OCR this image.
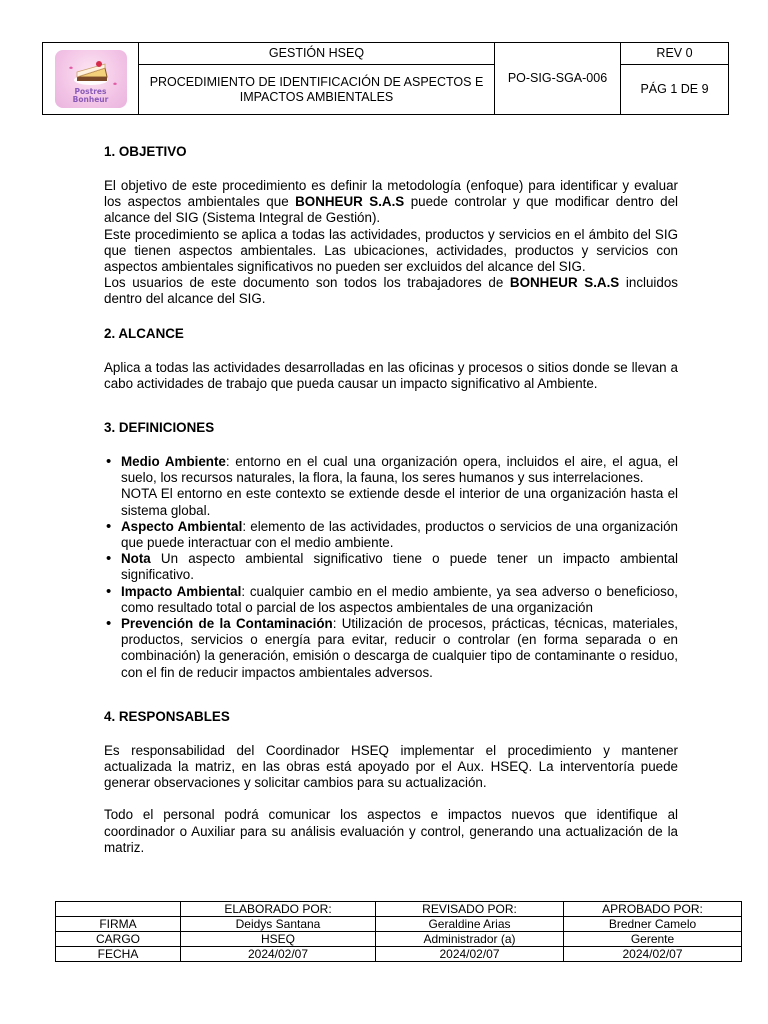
Postres
Bonheur	GESTIÓN HSEQ	PO-SIG-SGA-006	REV 0
	PROCEDIMIENTO DE IDENTIFICACIÓN DE ASPECTOS E IMPACTOS AMBIENTALES		PÁG 1 DE 9
1. OBJETIVO

El objetivo de este procedimiento es definir la metodología (enfoque) para identificar y evaluar los aspectos ambientales que BONHEUR S.A.S puede controlar y que modificar dentro del alcance del SIG (Sistema Integral de Gestión).

Este procedimiento se aplica a todas las actividades, productos y servicios en el ámbito del SIG que tienen aspectos ambientales. Las ubicaciones, actividades, productos y servicios con aspectos ambientales significativos no pueden ser excluidos del alcance del SIG.

Los usuarios de este documento son todos los trabajadores de BONHEUR S.A.S incluidos dentro del alcance del SIG.

2. ALCANCE

Aplica a todas las actividades desarrolladas en las oficinas y procesos o sitios donde se llevan a cabo actividades de trabajo que pueda causar un impacto significativo al Ambiente.

3. DEFINICIONES
• Medio Ambiente: entorno en el cual una organización opera, incluidos el aire, el agua, el suelo, los recursos naturales, la flora, la fauna, los seres humanos y sus interrelaciones.
NOTA El entorno en este contexto se extiende desde el interior de una organización hasta el sistema global.
• Aspecto Ambiental: elemento de las actividades, productos o servicios de una organización que puede interactuar con el medio ambiente.
• Nota Un aspecto ambiental significativo tiene o puede tener un impacto ambiental significativo.
• Impacto Ambiental: cualquier cambio en el medio ambiente, ya sea adverso o beneficioso, como resultado total o parcial de los aspectos ambientales de una organización
• Prevención de la Contaminación: Utilización de procesos, prácticas, técnicas, materiales, productos, servicios o energía para evitar, reducir o controlar (en forma separada o en combinación) la generación, emisión o descarga de cualquier tipo de contaminante o residuo, con el fin de reducir impactos ambientales adversos.
4. RESPONSABLES

Es responsabilidad del Coordinador HSEQ implementar el procedimiento y mantener actualizada la matriz, en las obras está apoyado por el Aux. HSEQ. La interventoría puede generar observaciones y solicitar cambios para su actualización.

Todo el personal podrá comunicar los aspectos e impactos nuevos que identifique al coordinador o Auxiliar para su análisis evaluación y control, generando una actualización de la matriz.

	ELABORADO POR:	REVISADO POR:	APROBADO POR:
FIRMA	Deidys Santana	Geraldine Arias	Bredner Camelo
CARGO	HSEQ	Administrador (a)	Gerente
FECHA	2024/02/07	2024/02/07	2024/02/07
